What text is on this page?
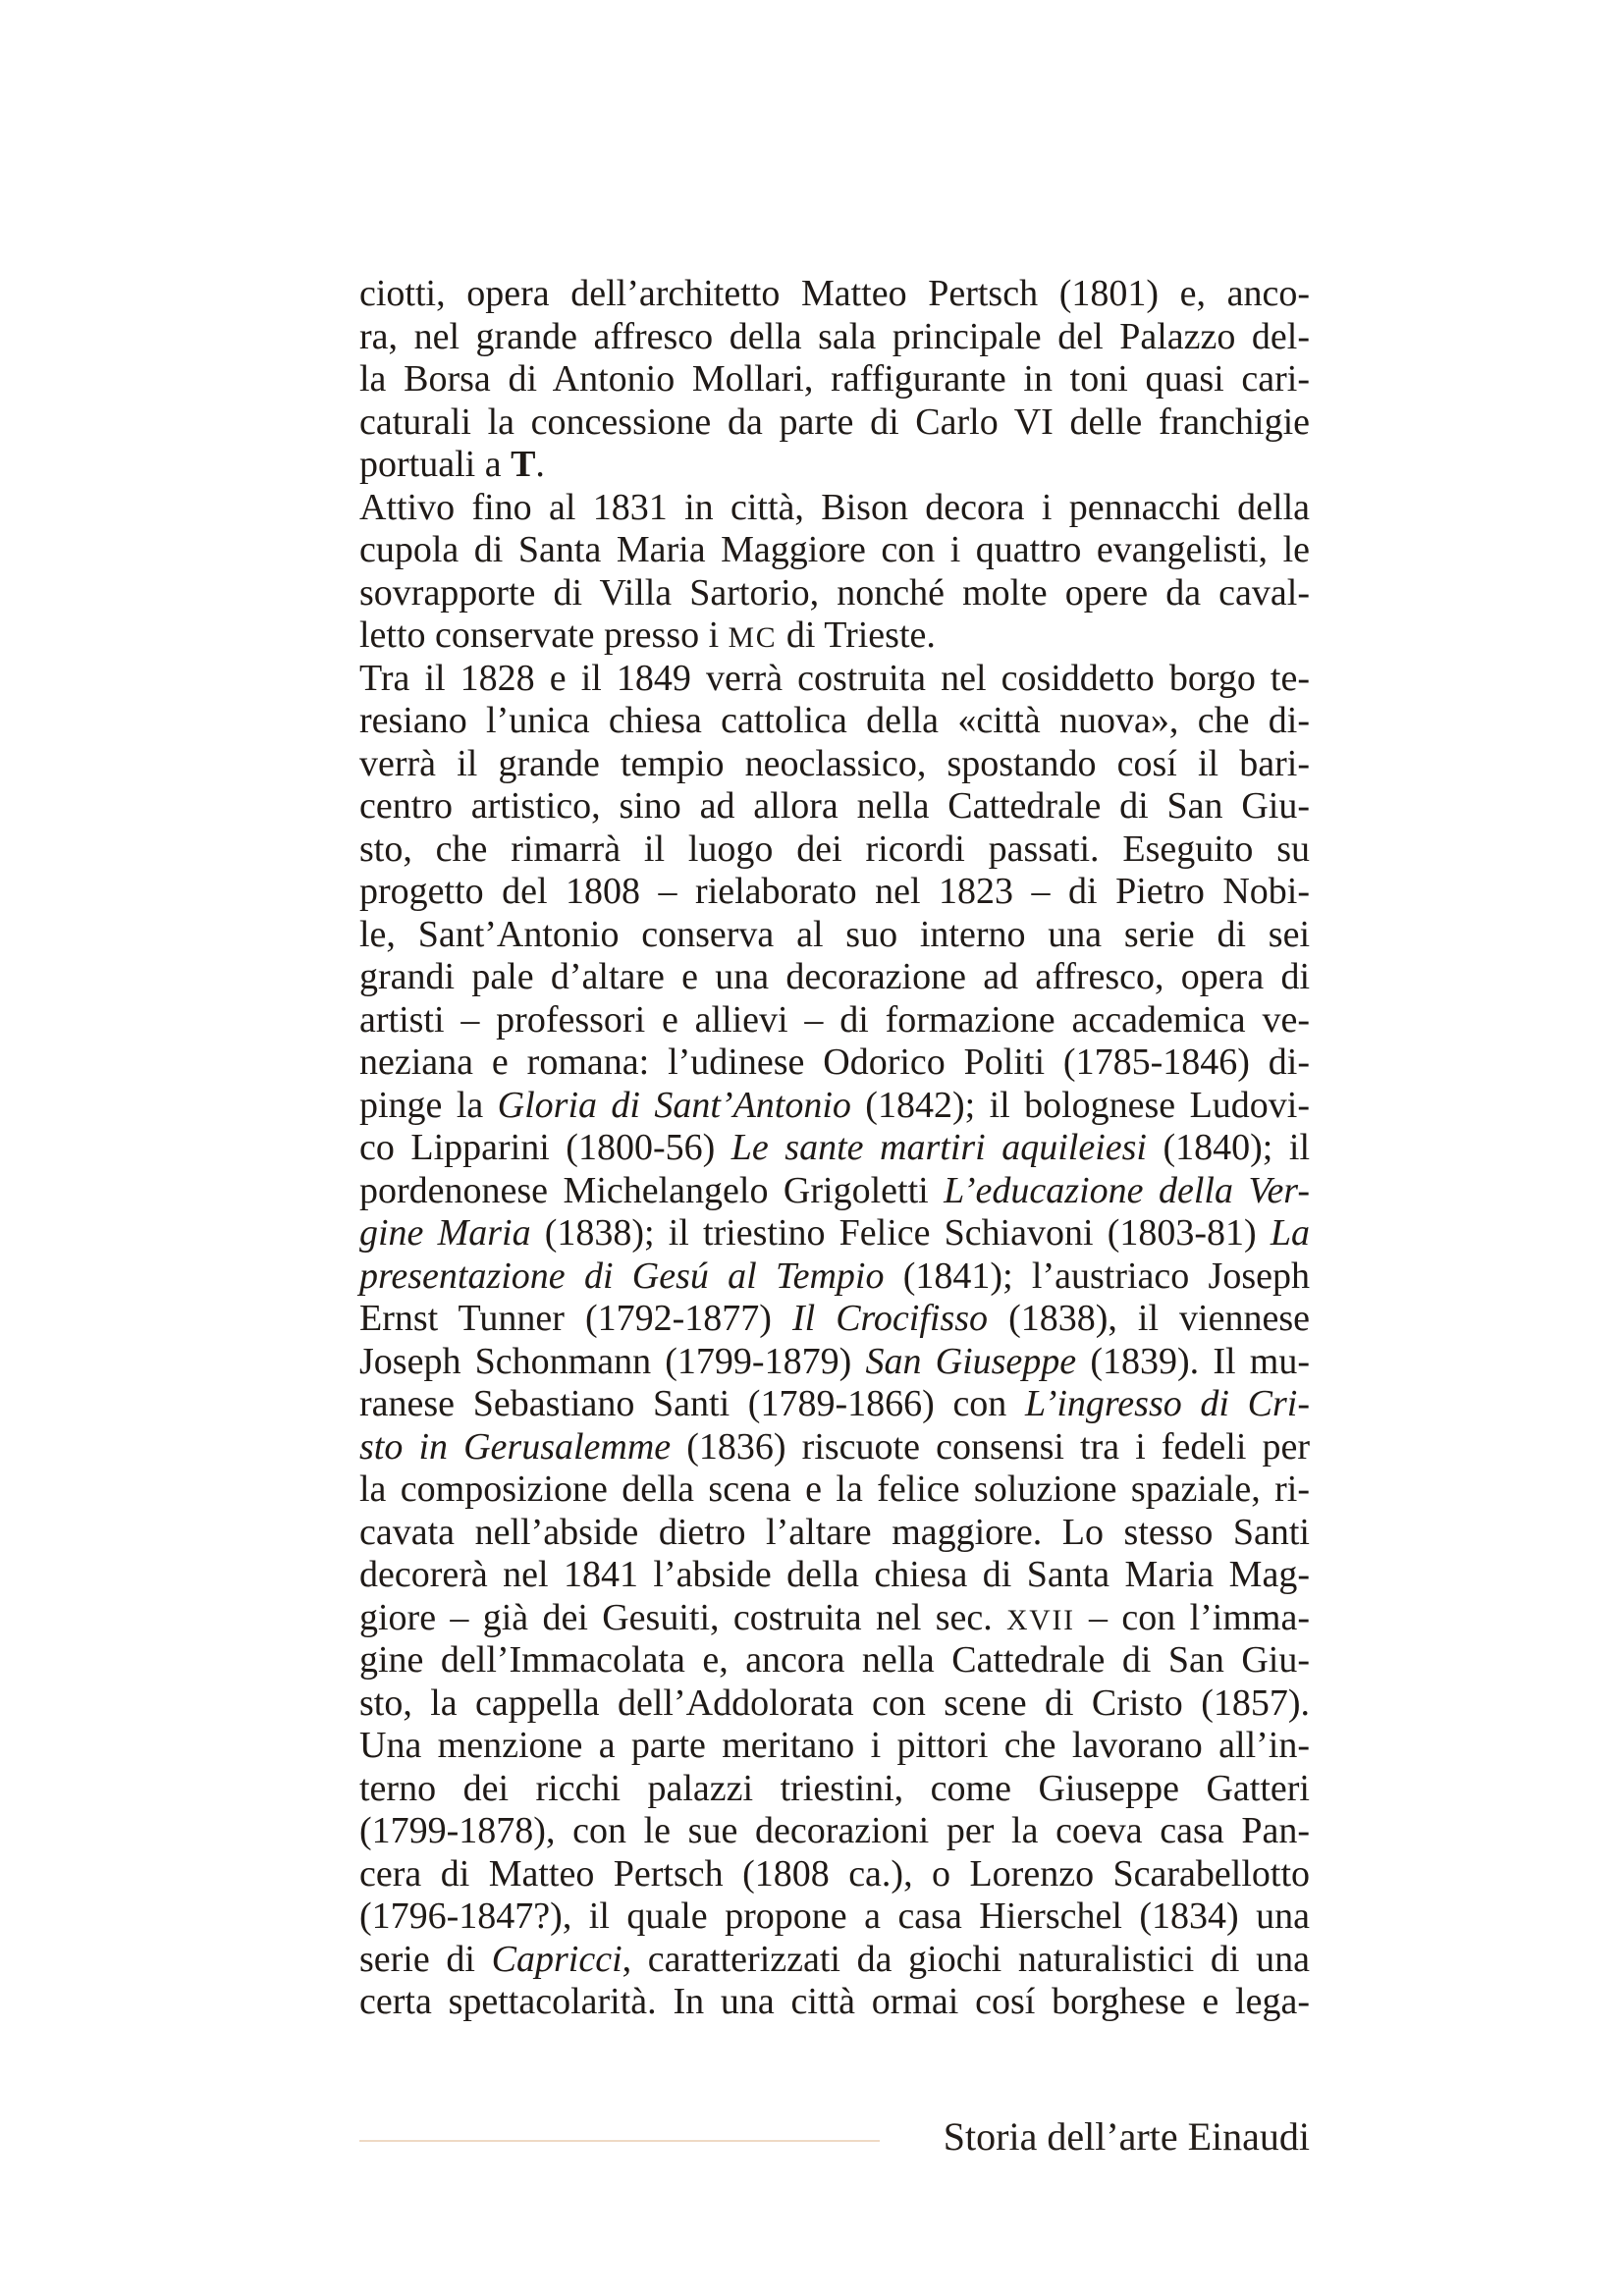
ciotti, opera dell’architetto Matteo Pertsch (1801) e, anco-
ra, nel grande affresco della sala principale del Palazzo del-
la Borsa di Antonio Mollari, raffigurante in toni quasi cari-
caturali la concessione da parte di Carlo VI delle franchigie
portuali a T.
Attivo fino al 1831 in città, Bison decora i pennacchi della
cupola di Santa Maria Maggiore con i quattro evangelisti, le
sovrapporte di Villa Sartorio, nonché molte opere da caval-
letto conservate presso i MC di Trieste.
Tra il 1828 e il 1849 verrà costruita nel cosiddetto borgo te-
resiano l’unica chiesa cattolica della «città nuova», che di-
verrà il grande tempio neoclassico, spostando cosí il bari-
centro artistico, sino ad allora nella Cattedrale di San Giu-
sto, che rimarrà il luogo dei ricordi passati. Eseguito su
progetto del 1808 – rielaborato nel 1823 – di Pietro Nobi-
le, Sant’Antonio conserva al suo interno una serie di sei
grandi pale d’altare e una decorazione ad affresco, opera di
artisti – professori e allievi – di formazione accademica ve-
neziana e romana: l’udinese Odorico Politi (1785-1846) di-
pinge la Gloria di Sant’Antonio (1842); il bolognese Ludovi-
co Lipparini (1800-56) Le sante martiri aquileiesi (1840); il
pordenonese Michelangelo Grigoletti L’educazione della Ver-
gine Maria (1838); il triestino Felice Schiavoni (1803-81) La
presentazione di Gesú al Tempio (1841); l’austriaco Joseph
Ernst Tunner (1792-1877) Il Crocifisso (1838), il viennese
Joseph Schonmann (1799-1879) San Giuseppe (1839). Il mu-
ranese Sebastiano Santi (1789-1866) con L’ingresso di Cri-
sto in Gerusalemme (1836) riscuote consensi tra i fedeli per
la composizione della scena e la felice soluzione spaziale, ri-
cavata nell’abside dietro l’altare maggiore. Lo stesso Santi
decorerà nel 1841 l’abside della chiesa di Santa Maria Mag-
giore – già dei Gesuiti, costruita nel sec. XVII – con l’imma-
gine dell’Immacolata e, ancora nella Cattedrale di San Giu-
sto, la cappella dell’Addolorata con scene di Cristo (1857).
Una menzione a parte meritano i pittori che lavorano all’in-
terno dei ricchi palazzi triestini, come Giuseppe Gatteri
(1799-1878), con le sue decorazioni per la coeva casa Pan-
cera di Matteo Pertsch (1808 ca.), o Lorenzo Scarabellotto
(1796-1847?), il quale propone a casa Hierschel (1834) una
serie di Capricci, caratterizzati da giochi naturalistici di una
certa spettacolarità. In una città ormai cosí borghese e lega-
Storia dell’arte Einaudi
